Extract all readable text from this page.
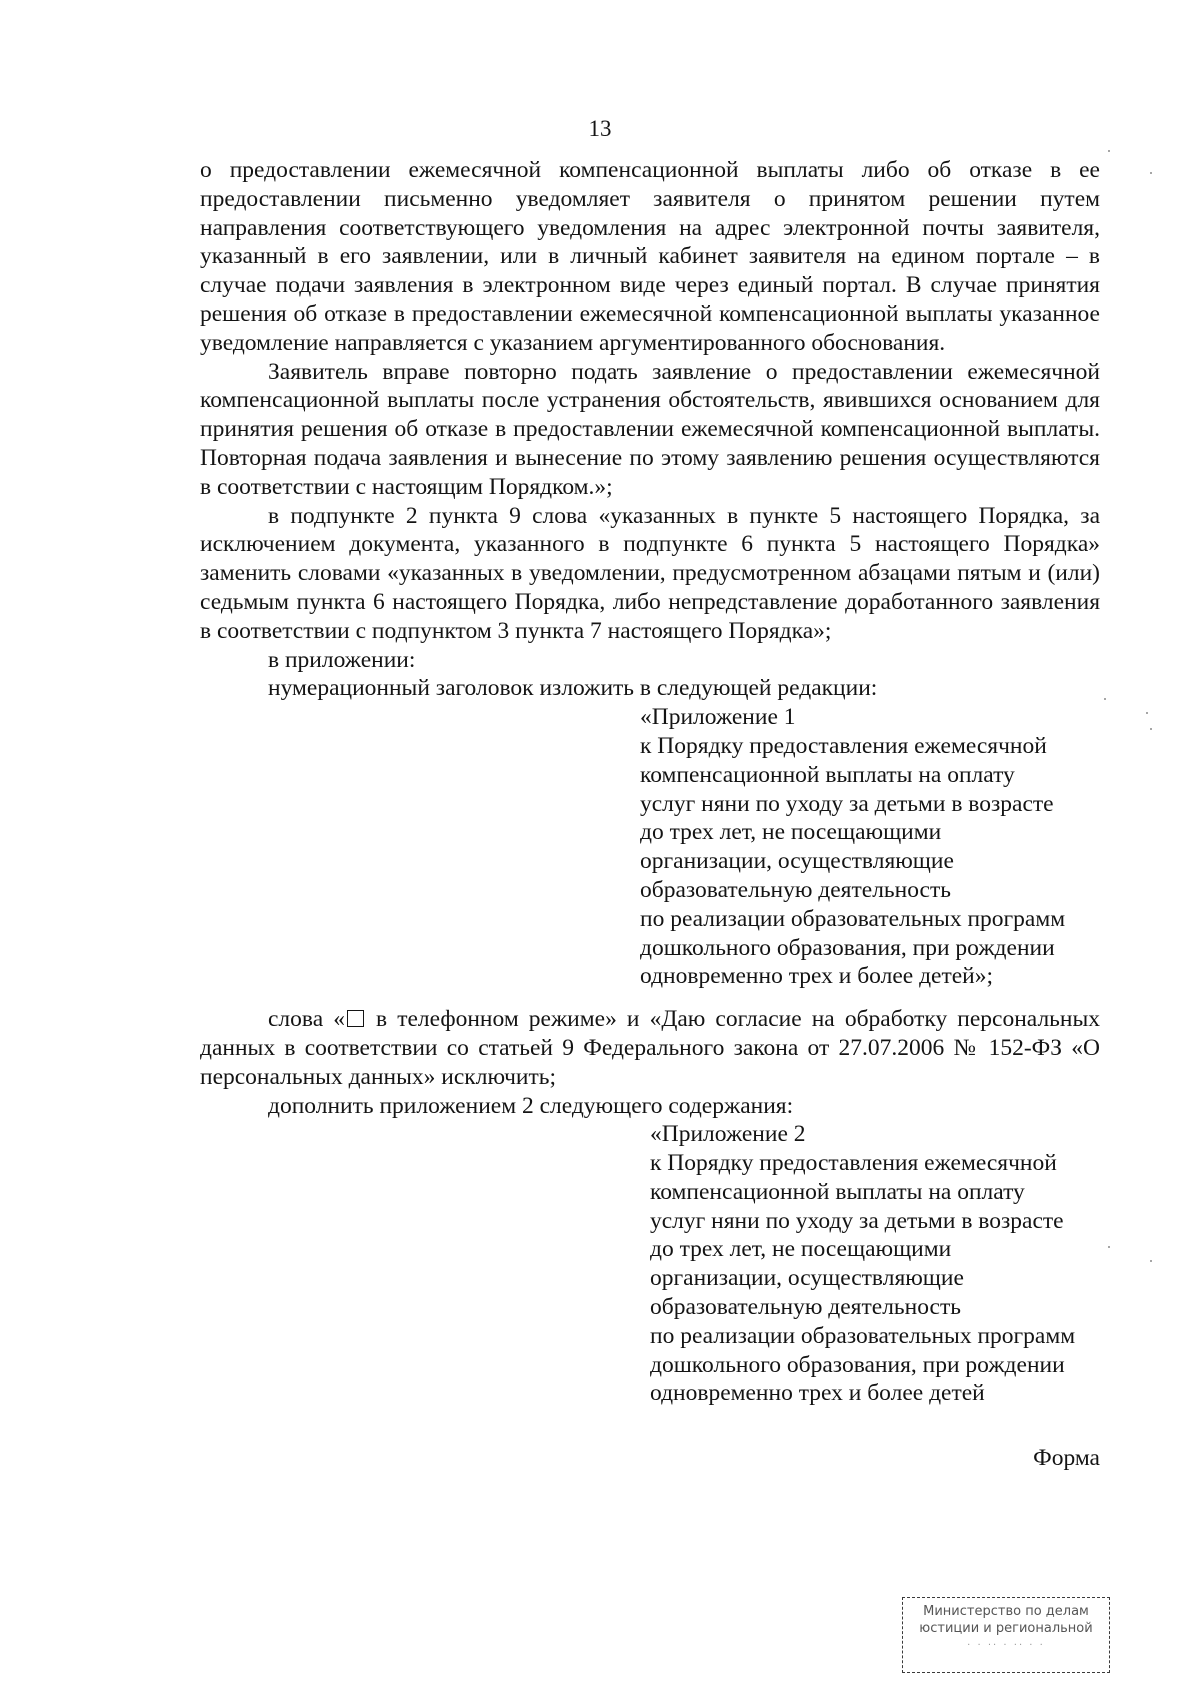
13

о предоставлении ежемесячной компенсационной выплаты либо об отказе в ее предоставлении письменно уведомляет заявителя о принятом решении путем направления соответствующего уведомления на адрес электронной почты заявителя, указанный в его заявлении, или в личный кабинет заявителя на едином портале – в случае подачи заявления в электронном виде через единый портал. В случае принятия решения об отказе в предоставлении ежемесячной компенсационной выплаты указанное уведомление направляется с указанием аргументированного обоснования.

Заявитель вправе повторно подать заявление о предоставлении ежемесячной компенсационной выплаты после устранения обстоятельств, явившихся основанием для принятия решения об отказе в предоставлении ежемесячной компенсационной выплаты. Повторная подача заявления и вынесение по этому заявлению решения осуществляются в соответствии с настоящим Порядком.»;

в подпункте 2 пункта 9 слова «указанных в пункте 5 настоящего Порядка, за исключением документа, указанного в подпункте 6 пункта 5 настоящего Порядка» заменить словами «указанных в уведомлении, предусмотренном абзацами пятым и (или) седьмым пункта 6 настоящего Порядка, либо непредставление доработанного заявления в соответствии с подпунктом 3 пункта 7 настоящего Порядка»;

в приложении:

нумерационный заголовок изложить в следующей редакции:

«Приложение 1
к Порядку предоставления ежемесячной
компенсационной выплаты на оплату
услуг няни по уходу за детьми в возрасте
до трех лет, не посещающими
организации, осуществляющие
образовательную деятельность
по реализации образовательных программ
дошкольного образования, при рождении
одновременно трех и более детей»;

слова « в телефонном режиме» и «Даю согласие на обработку персональных данных в соответствии со статьей 9 Федерального закона от 27.07.2006 № 152-ФЗ «О персональных данных» исключить;

дополнить приложением 2 следующего содержания:

«Приложение 2
к Порядку предоставления ежемесячной
компенсационной выплаты на оплату
услуг няни по уходу за детьми в возрасте
до трех лет, не посещающими
организации, осуществляющие
образовательную деятельность
по реализации образовательных программ
дошкольного образования, при рождении
одновременно трех и более детей

Форма

Министерство по делам
юстиции и региональной
· · ·· · ·· · ·
